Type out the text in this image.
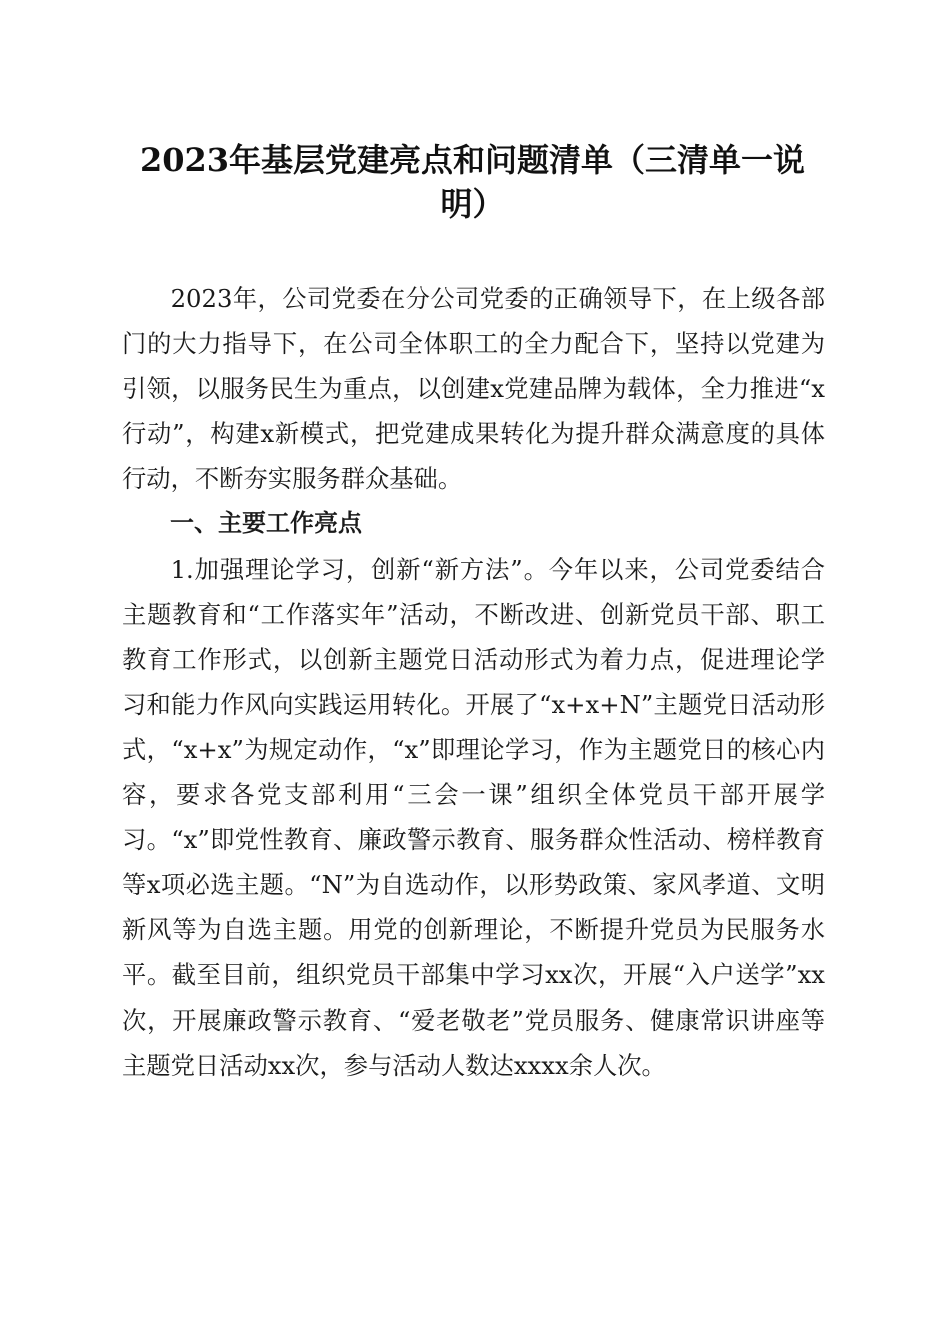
2023年基层党建亮点和问题清单（三清单一说明）

2023年，公司党委在分公司党委的正确领导下，在上级各部门的大力指导下，在公司全体职工的全力配合下，坚持以党建为引领，以服务民生为重点，以创建x党建品牌为载体，全力推进“x行动”，构建x新模式，把党建成果转化为提升群众满意度的具体行动，不断夯实服务群众基础。

一、主要工作亮点

1.加强理论学习，创新“新方法”。今年以来，公司党委结合主题教育和“工作落实年”活动，不断改进、创新党员干部、职工教育工作形式，以创新主题党日活动形式为着力点，促进理论学习和能力作风向实践运用转化。开展了“x+x+N”主题党日活动形式，“x+x”为规定动作，“x”即理论学习，作为主题党日的核心内容，要求各党支部利用“三会一课”组织全体党员干部开展学习。“x”即党性教育、廉政警示教育、服务群众性活动、榜样教育等x项必选主题。“N”为自选动作，以形势政策、家风孝道、文明新风等为自选主题。用党的创新理论，不断提升党员为民服务水平。截至目前，组织党员干部集中学习xx次，开展“入户送学”xx次，开展廉政警示教育、“爱老敬老”党员服务、健康常识讲座等主题党日活动xx次，参与活动人数达xxxx余人次。
